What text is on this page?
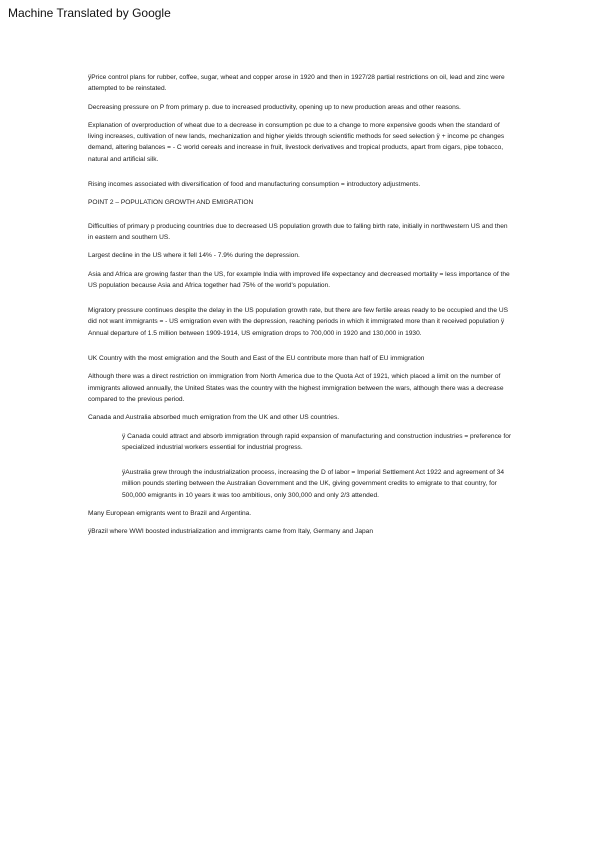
Machine Translated by Google

ÿPrice control plans for rubber, coffee, sugar, wheat and copper arose in 1920 and then in 1927/28 partial restrictions on oil, lead and zinc were attempted to be reinstated.

Decreasing pressure on P from primary p. due to increased productivity, opening up to new production areas and other reasons.

Explanation of overproduction of wheat due to a decrease in consumption pc due to a change to more expensive goods when the standard of living increases, cultivation of new lands, mechanization and higher yields through scientific methods for seed selection ÿ + income pc changes demand, altering balances = - C world cereals and increase in fruit, livestock derivatives and tropical products, apart from cigars, pipe tobacco, natural and artificial silk.

Rising incomes associated with diversification of food and manufacturing consumption = introductory adjustments.

POINT 2 – POPULATION GROWTH AND EMIGRATION

Difficulties of primary p producing countries due to decreased US population growth due to falling birth rate, initially in northwestern US and then in eastern and southern US.

Largest decline in the US where it fell 14% - 7.9% during the depression.

Asia and Africa are growing faster than the US, for example India with improved life expectancy and decreased mortality = less importance of the US population because Asia and Africa together had 75% of the world's population.

Migratory pressure continues despite the delay in the US population growth rate, but there are few fertile areas ready to be occupied and the US did not want immigrants = - US emigration even with the depression, reaching periods in which it immigrated more than it received population ÿ

Annual departure of 1.5 million between 1909-1914, US emigration drops to 700,000 in 1920 and 130,000 in 1930.

UK Country with the most emigration and the South and East of the EU contribute more than half of EU immigration

Although there was a direct restriction on immigration from North America due to the Quota Act of 1921, which placed a limit on the number of immigrants allowed annually, the United States was the country with the highest immigration between the wars, although there was a decrease compared to the previous period.

Canada and Australia absorbed much emigration from the UK and other US countries.

ÿ Canada could attract and absorb immigration through rapid expansion of manufacturing and construction industries = preference for specialized industrial workers essential for industrial progress.

ÿAustralia grew through the industrialization process, increasing the D of labor = Imperial Settlement Act 1922 and agreement of 34 million pounds sterling between the Australian Government and the UK, giving government credits to emigrate to that country, for 500,000 emigrants in 10 years it was too ambitious, only 300,000 and only 2/3 attended.

Many European emigrants went to Brazil and Argentina.

ÿBrazil where WWI boosted industrialization and immigrants came from Italy, Germany and Japan
